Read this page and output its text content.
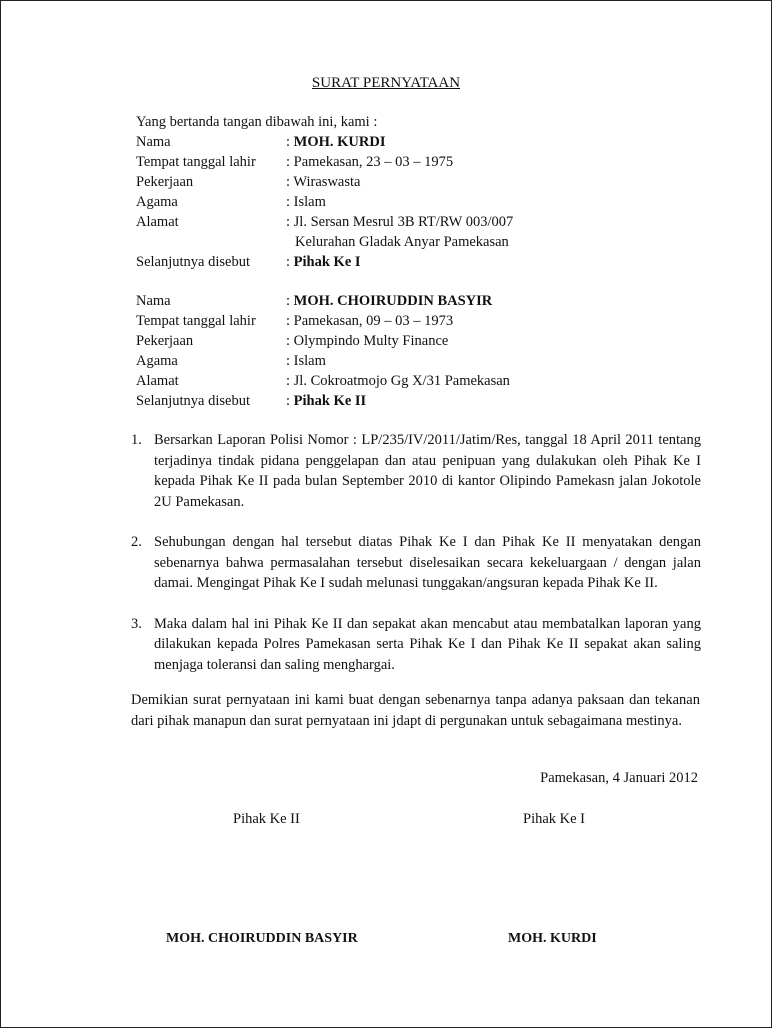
SURAT PERNYATAAN
Yang bertanda tangan dibawah ini, kami :
Nama	: MOH. KURDI
Tempat tanggal lahir : Pamekasan, 23 – 03 – 1975
Pekerjaan	: Wiraswasta
Agama	: Islam
Alamat	: Jl. Sersan Mesrul 3B RT/RW 003/007
Kelurahan Gladak Anyar Pamekasan
Selanjutnya disebut : Pihak Ke I
Nama	: MOH. CHOIRUDDIN BASYIR
Tempat tanggal lahir : Pamekasan, 09 – 03 – 1973
Pekerjaan	: Olympindo Multy Finance
Agama	: Islam
Alamat	: Jl. Cokroatmojo Gg X/31 Pamekasan
Selanjutnya disebut : Pihak Ke II
1. Bersarkan Laporan Polisi Nomor : LP/235/IV/2011/Jatim/Res, tanggal 18 April 2011 tentang terjadinya tindak pidana penggelapan dan atau penipuan yang dulakukan oleh Pihak Ke I kepada Pihak Ke II pada bulan September 2010 di kantor Olipindo Pamekasn jalan Jokotole 2U Pamekasan.
2. Sehubungan dengan hal tersebut diatas Pihak Ke I dan Pihak Ke II menyatakan dengan sebenarnya bahwa permasalahan tersebut diselesaikan secara kekeluargaan / dengan jalan damai. Mengingat Pihak Ke I sudah melunasi tunggakan/angsuran kepada Pihak Ke II.
3. Maka dalam hal ini Pihak Ke II dan sepakat akan mencabut atau membatalkan laporan yang dilakukan kepada Polres Pamekasan serta Pihak Ke I dan Pihak Ke II sepakat akan saling menjaga toleransi dan saling menghargai.
Demikian surat pernyataan ini kami buat dengan sebenarnya tanpa adanya paksaan dan tekanan dari pihak manapun dan surat pernyataan ini jdapt di pergunakan untuk sebagaimana mestinya.
Pamekasan, 4 Januari 2012
Pihak Ke II	Pihak Ke I
MOH. CHOIRUDDIN BASYIR	MOH. KURDI
